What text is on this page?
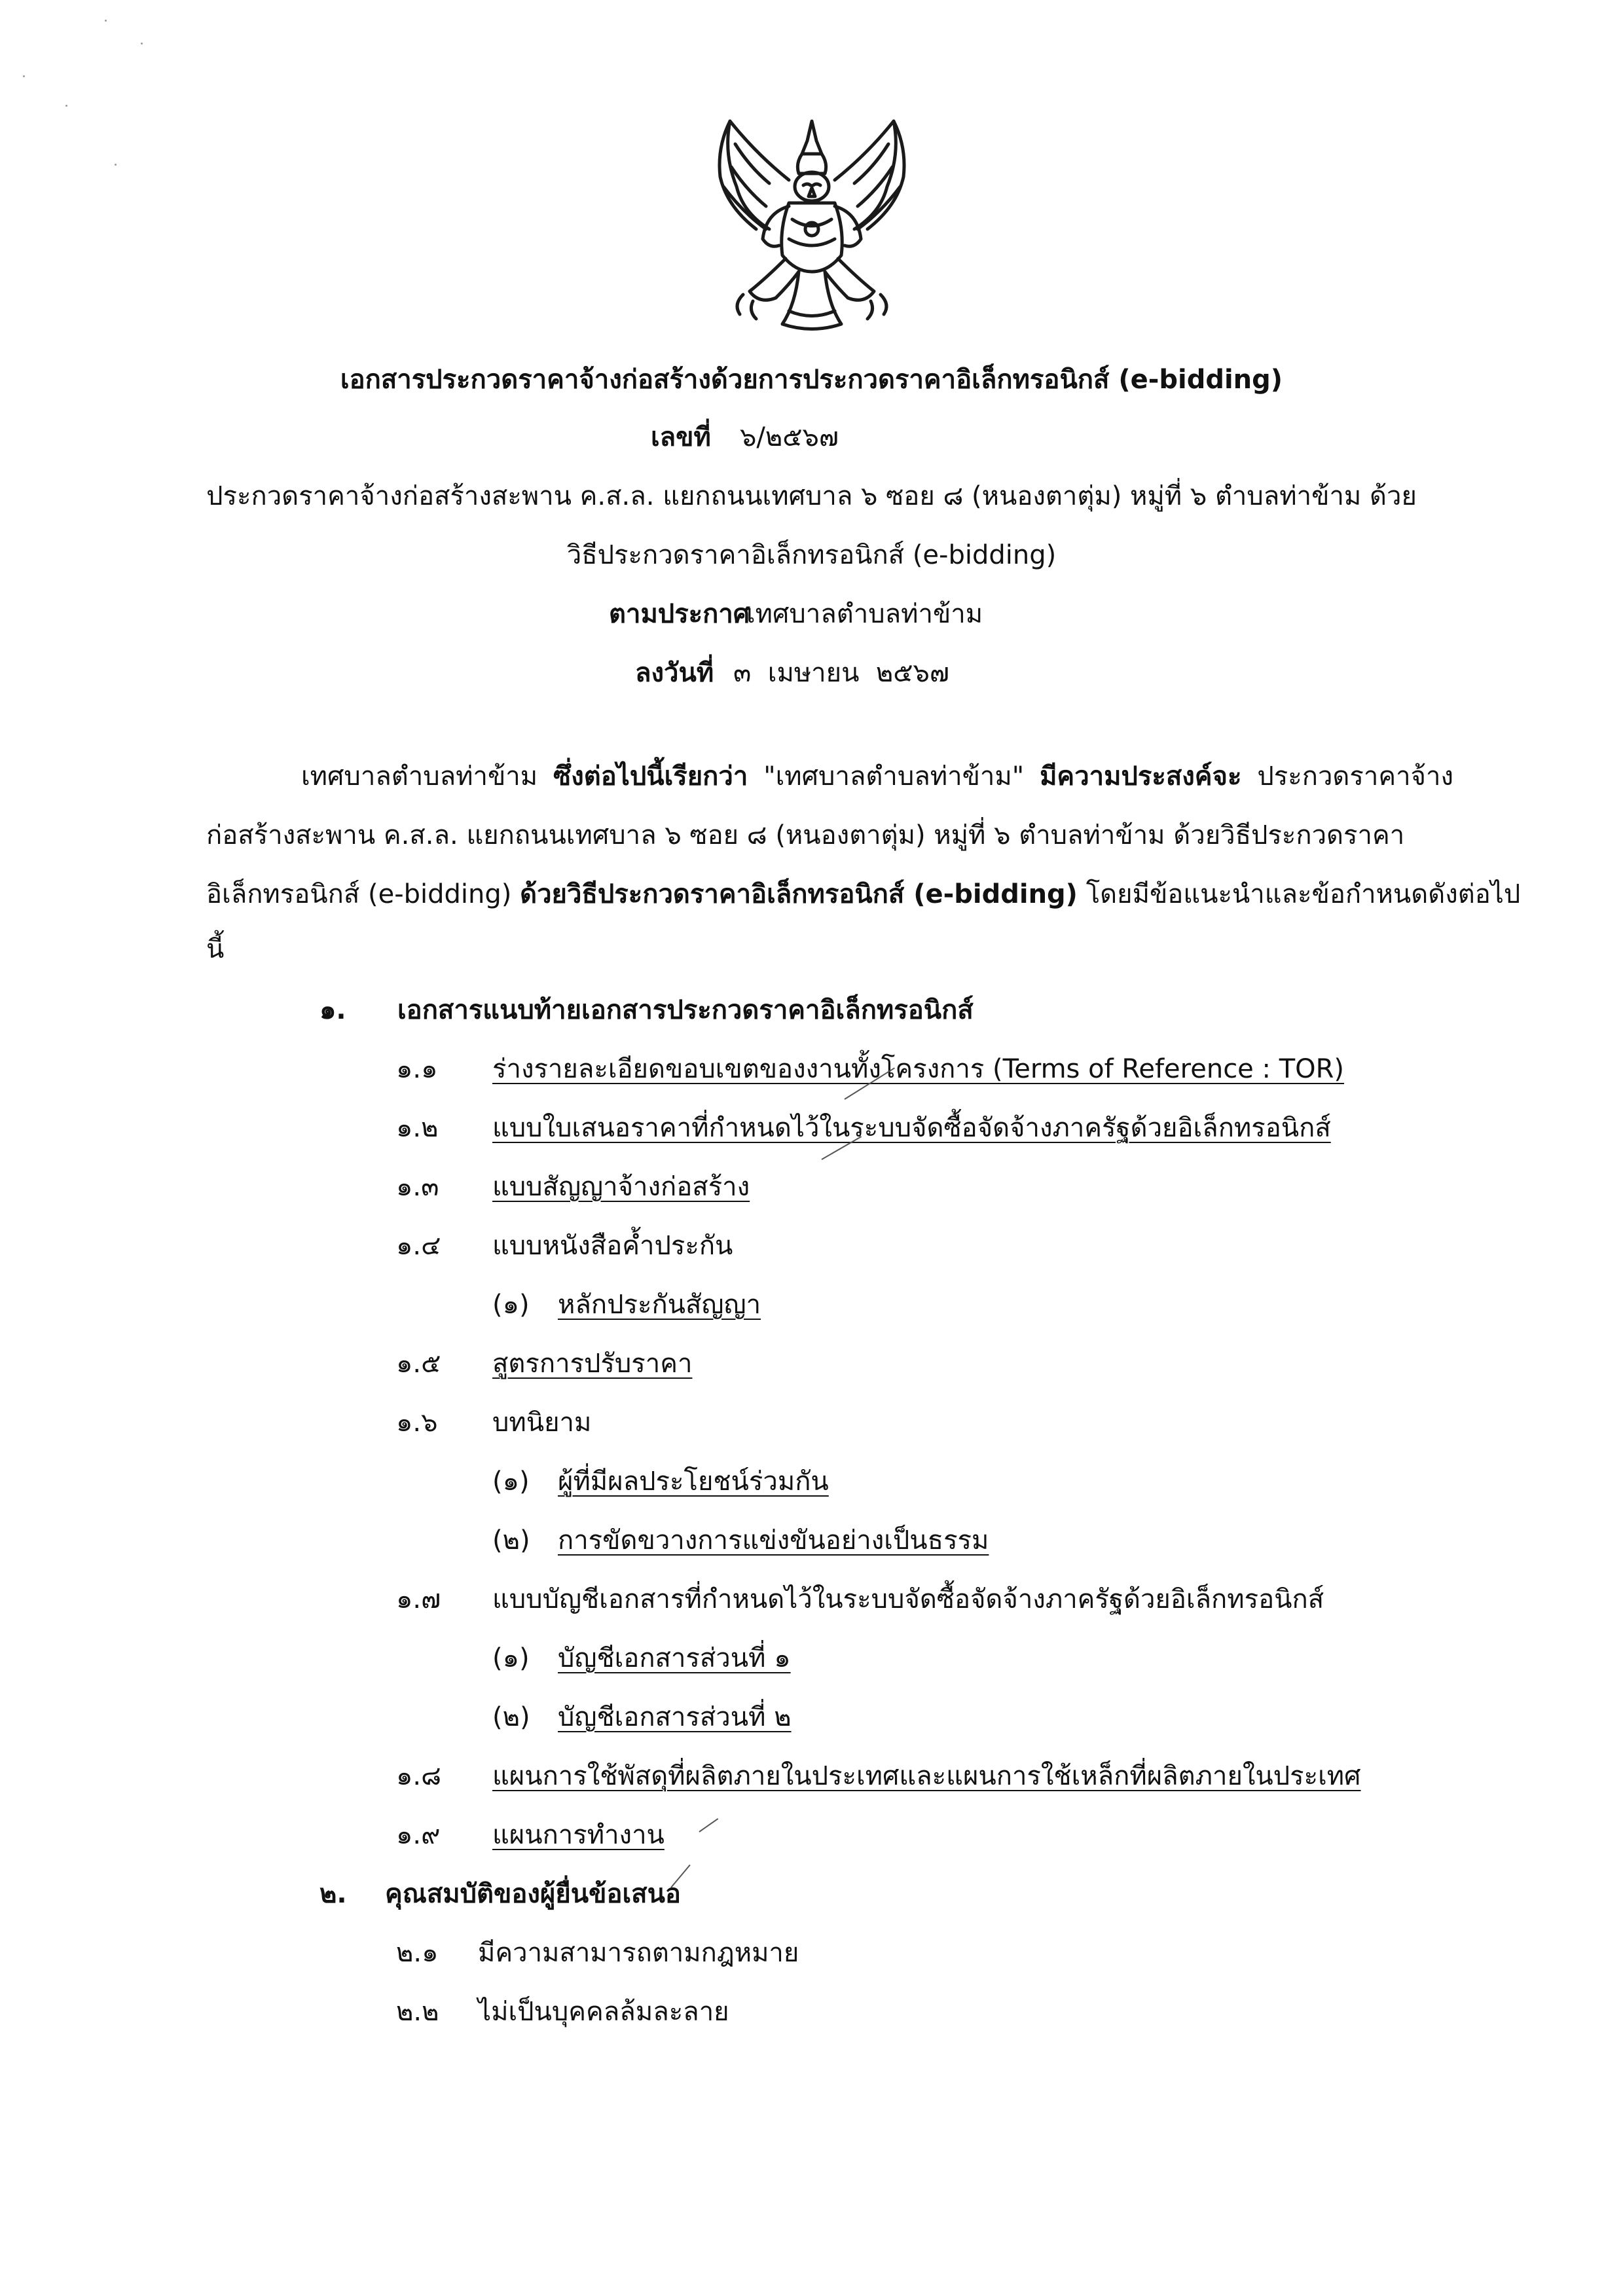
เอกสารประกวดราคาจ้างก่อสร้างด้วยการประกวดราคาอิเล็กทรอนิกส์ (e-bidding)
เลขที่ ๖/๒๕๖๗
ประกวดราคาจ้างก่อสร้างสะพาน ค.ส.ล. แยกถนนเทศบาล ๖ ซอย ๘ (หนองตาตุ่ม) หมู่ที่ ๖ ตำบลท่าข้าม ด้วย
วิธีประกวดราคาอิเล็กทรอนิกส์ (e-bidding)
ตามประกาศ
เทศบาลตำบลท่าข้าม
ลงวันที่ ๓  เมษายน  ๒๕๖๗
เทศบาลตำบลท่าข้าม ซึ่งต่อไปนี้เรียกว่า "เทศบาลตำบลท่าข้าม" มีความประสงค์จะ ประกวดราคาจ้าง
ก่อสร้างสะพาน ค.ส.ล. แยกถนนเทศบาล ๖ ซอย ๘ (หนองตาตุ่ม) หมู่ที่ ๖ ตำบลท่าข้าม ด้วยวิธีประกวดราคา
อิเล็กทรอนิกส์ (e-bidding) ด้วยวิธีประกวดราคาอิเล็กทรอนิกส์ (e-bidding) โดยมีข้อแนะนำและข้อกำหนดดังต่อไป
นี้
๑. เอกสารแนบท้ายเอกสารประกวดราคาอิเล็กทรอนิกส์
๑.๑ ร่างรายละเอียดขอบเขตของงานทั้งโครงการ (Terms of Reference : TOR)
๑.๒ แบบใบเสนอราคาที่กำหนดไว้ในระบบจัดซื้อจัดจ้างภาครัฐด้วยอิเล็กทรอนิกส์
๑.๓ แบบสัญญาจ้างก่อสร้าง
๑.๔ แบบหนังสือค้ำประกัน
(๑) หลักประกันสัญญา
๑.๕ สูตรการปรับราคา
๑.๖ บทนิยาม
(๑) ผู้ที่มีผลประโยชน์ร่วมกัน
(๒) การขัดขวางการแข่งขันอย่างเป็นธรรม
๑.๗ แบบบัญชีเอกสารที่กำหนดไว้ในระบบจัดซื้อจัดจ้างภาครัฐด้วยอิเล็กทรอนิกส์
(๑) บัญชีเอกสารส่วนที่ ๑
(๒) บัญชีเอกสารส่วนที่ ๒
๑.๘ แผนการใช้พัสดุที่ผลิตภายในประเทศและแผนการใช้เหล็กที่ผลิตภายในประเทศ
๑.๙ แผนการทำงาน
๒. คุณสมบัติของผู้ยื่นข้อเสนอ
๒.๑ มีความสามารถตามกฎหมาย
๒.๒ ไม่เป็นบุคคลล้มละลาย
